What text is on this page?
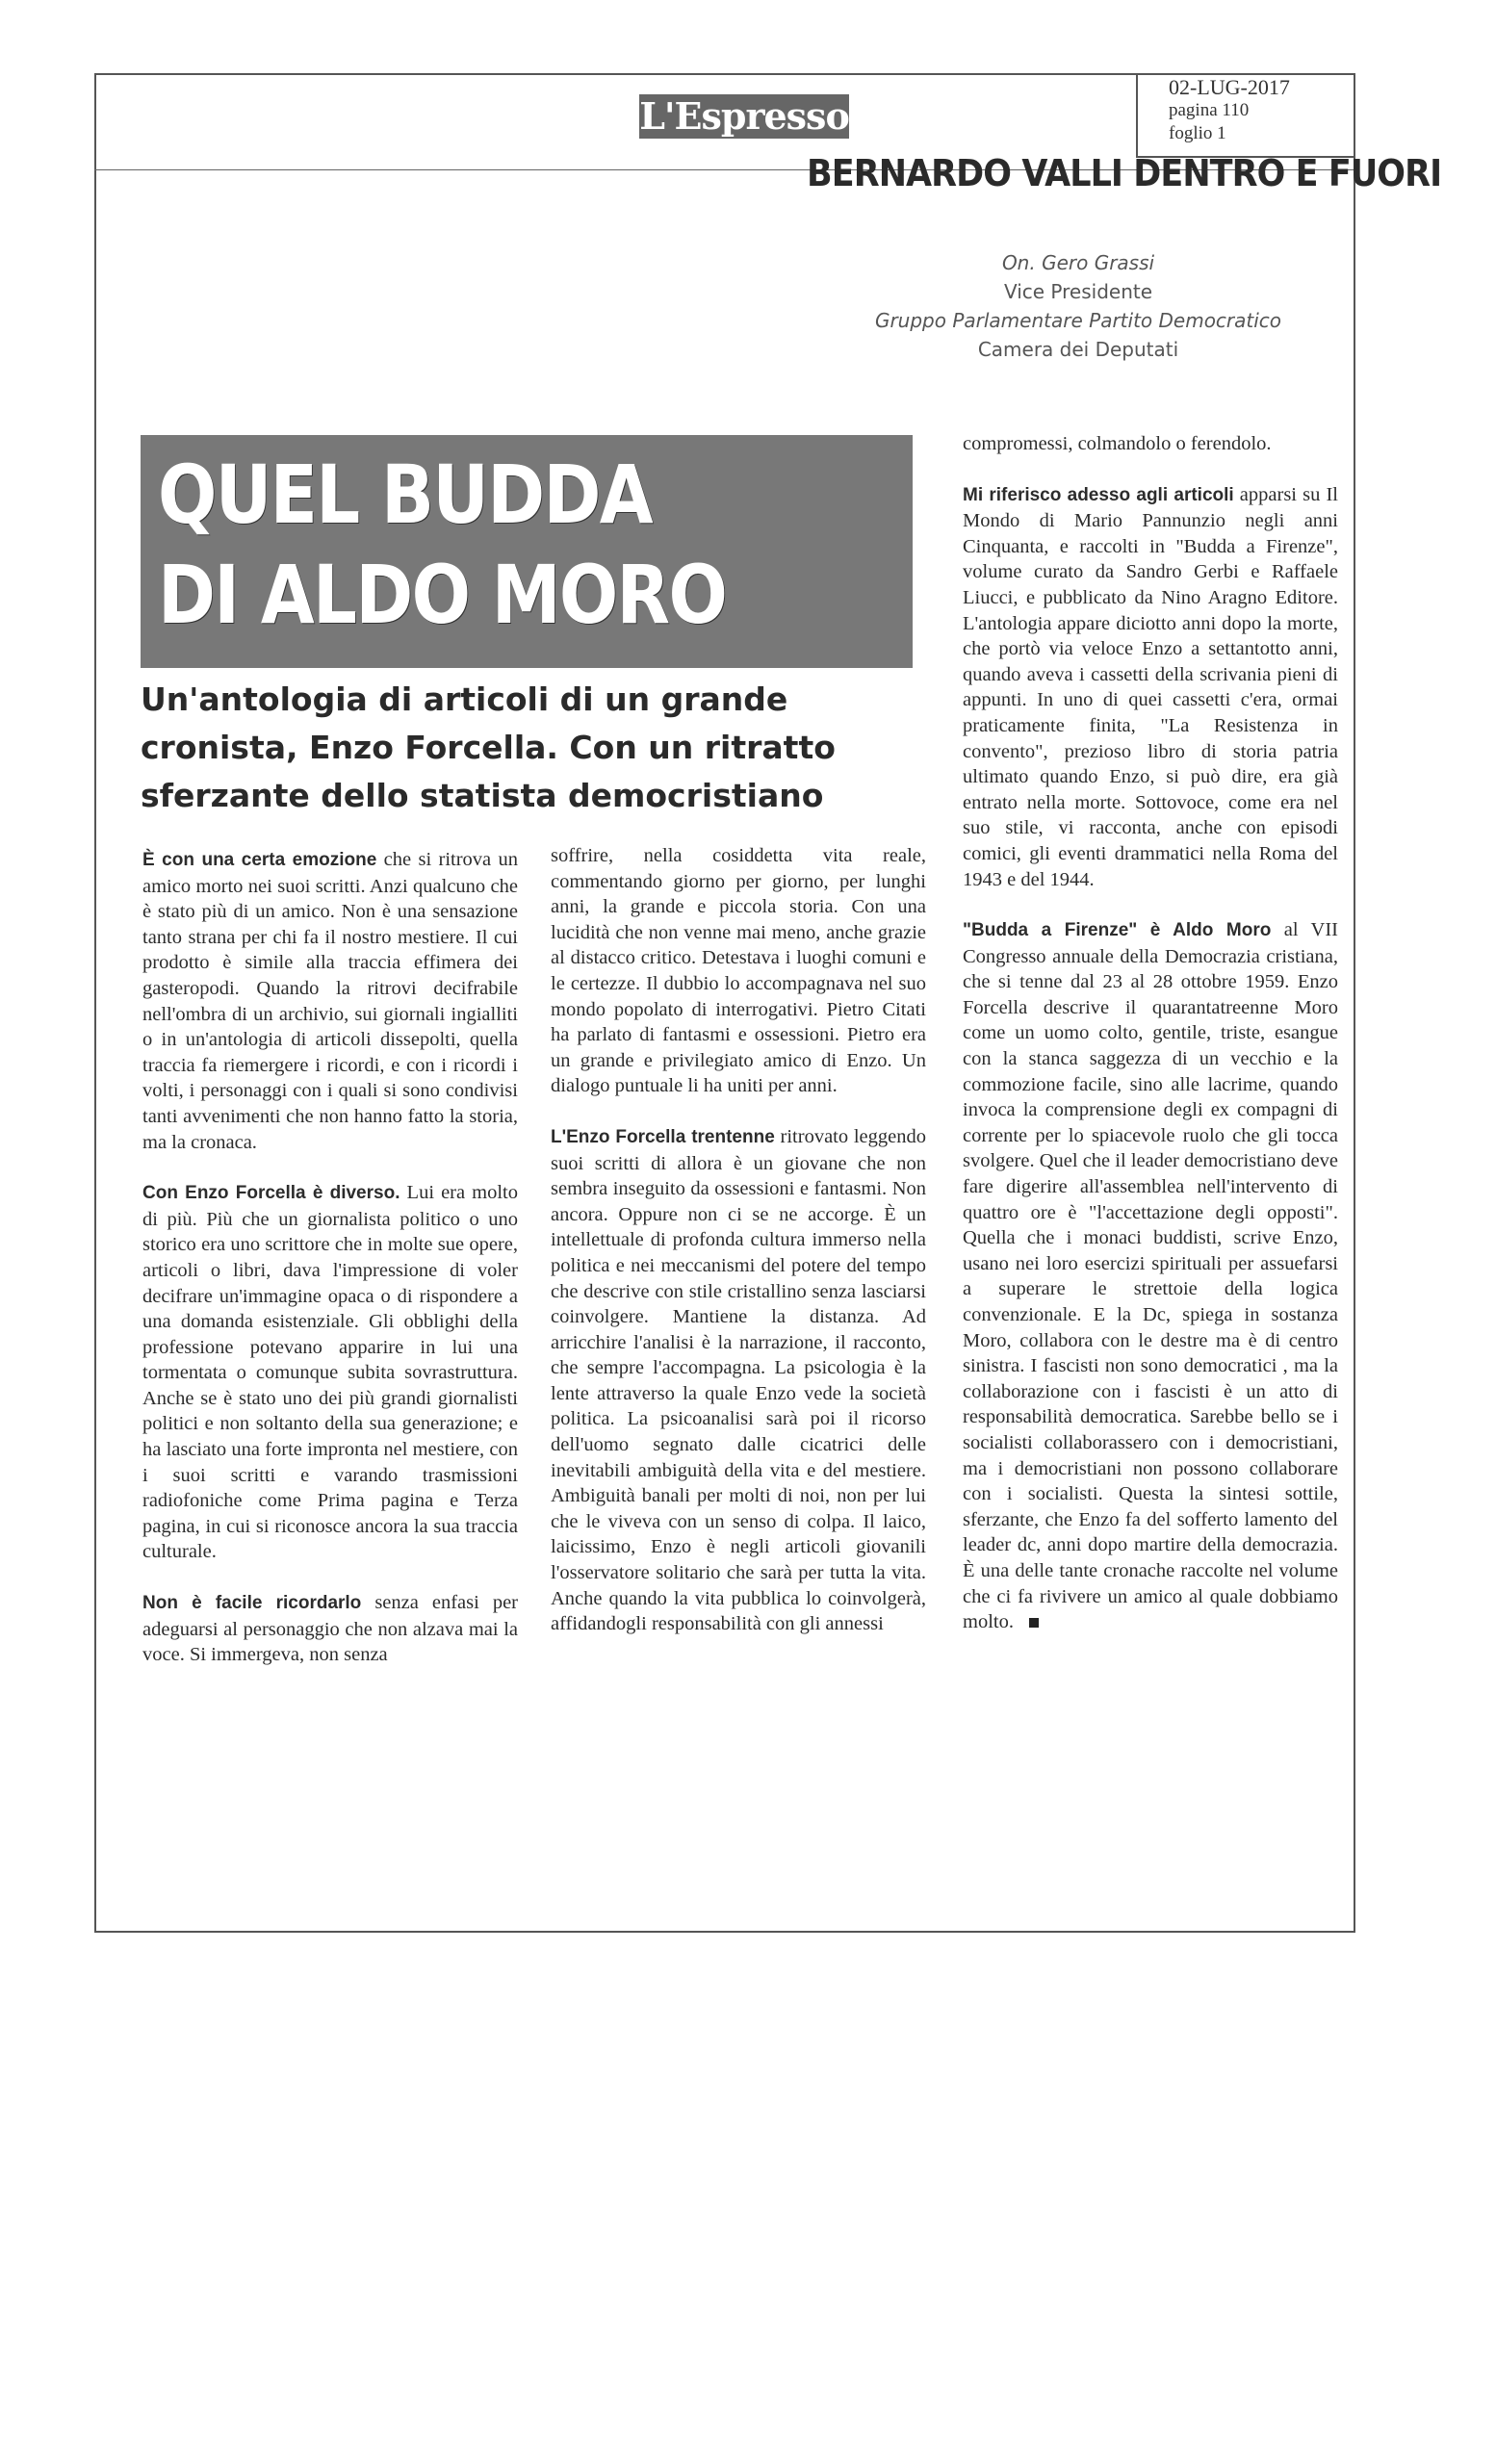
L'Espresso
02-LUG-2017
pagina 110
foglio 1
BERNARDO VALLI DENTRO E FUORI
On. Gero Grassi
Vice Presidente
Gruppo Parlamentare Partito Democratico
Camera dei Deputati
QUEL BUDDA
DI ALDO MORO
Un'antologia di articoli di un grande cronista, Enzo Forcella. Con un ritratto sferzante dello statista democristiano

È con una certa emozione che si ritrova un amico morto nei suoi scritti. Anzi qualcuno che è stato più di un amico. Non è una sensazione tanto strana per chi fa il nostro mestiere. Il cui prodotto è simile alla traccia effimera dei gasteropodi. Quando la ritrovi decifrabile nell'ombra di un archivio, sui giornali ingialliti o in un'antologia di articoli dissepolti, quella traccia fa riemergere i ricordi, e con i ricordi i volti, i personaggi con i quali si sono condivisi tanti avvenimenti che non hanno fatto la storia, ma la cronaca.

Con Enzo Forcella è diverso. Lui era molto di più. Più che un giornalista politico o uno storico era uno scrittore che in molte sue opere, articoli o libri, dava l'impressione di voler decifrare un'immagine opaca o di rispondere a una domanda esistenziale. Gli obblighi della professione potevano apparire in lui una tormentata o comunque subita sovrastruttura. Anche se è stato uno dei più grandi giornalisti politici e non soltanto della sua generazione; e ha lasciato una forte impronta nel mestiere, con i suoi scritti e varando trasmissioni radiofoniche come Prima pagina e Terza pagina, in cui si riconosce ancora la sua traccia culturale.

Non è facile ricordarlo senza enfasi per adeguarsi al personaggio che non alzava mai la voce. Si immergeva, non senza

soffrire, nella cosiddetta vita reale, commentando giorno per giorno, per lunghi anni, la grande e piccola storia. Con una lucidità che non venne mai meno, anche grazie al distacco critico. Detestava i luoghi comuni e le certezze. Il dubbio lo accompagnava nel suo mondo popolato di interrogativi. Pietro Citati ha parlato di fantasmi e ossessioni. Pietro era un grande e privilegiato amico di Enzo. Un dialogo puntuale li ha uniti per anni.

L'Enzo Forcella trentenne ritrovato leggendo suoi scritti di allora è un giovane che non sembra inseguito da ossessioni e fantasmi. Non ancora. Oppure non ci se ne accorge. È un intellettuale di profonda cultura immerso nella politica e nei meccanismi del potere del tempo che descrive con stile cristallino senza lasciarsi coinvolgere. Mantiene la distanza. Ad arricchire l'analisi è la narrazione, il racconto, che sempre l'accompagna. La psicologia è la lente attraverso la quale Enzo vede la società politica. La psicoanalisi sarà poi il ricorso dell'uomo segnato dalle cicatrici delle inevitabili ambiguità della vita e del mestiere. Ambiguità banali per molti di noi, non per lui che le viveva con un senso di colpa. Il laico, laicissimo, Enzo è negli articoli giovanili l'osservatore solitario che sarà per tutta la vita. Anche quando la vita pubblica lo coinvolgerà, affidandogli responsabilità con gli annessi

compromessi, colmandolo o ferendolo.

Mi riferisco adesso agli articoli apparsi su Il Mondo di Mario Pannunzio negli anni Cinquanta, e raccolti in "Budda a Firenze", volume curato da Sandro Gerbi e Raffaele Liucci, e pubblicato da Nino Aragno Editore. L'antologia appare diciotto anni dopo la morte, che portò via veloce Enzo a settantotto anni, quando aveva i cassetti della scrivania pieni di appunti. In uno di quei cassetti c'era, ormai praticamente finita, "La Resistenza in convento", prezioso libro di storia patria ultimato quando Enzo, si può dire, era già entrato nella morte. Sottovoce, come era nel suo stile, vi racconta, anche con episodi comici, gli eventi drammatici nella Roma del 1943 e del 1944.

"Budda a Firenze" è Aldo Moro al VII Congresso annuale della Democrazia cristiana, che si tenne dal 23 al 28 ottobre 1959. Enzo Forcella descrive il quarantatreenne Moro come un uomo colto, gentile, triste, esangue con la stanca saggezza di un vecchio e la commozione facile, sino alle lacrime, quando invoca la comprensione degli ex compagni di corrente per lo spiacevole ruolo che gli tocca svolgere. Quel che il leader democristiano deve fare digerire all'assemblea nell'intervento di quattro ore è "l'accettazione degli opposti". Quella che i monaci buddisti, scrive Enzo, usano nei loro esercizi spirituali per assuefarsi a superare le strettoie della logica convenzionale. E la Dc, spiega in sostanza Moro, collabora con le destre ma è di centro sinistra. I fascisti non sono democratici , ma la collaborazione con i fascisti è un atto di responsabilità democratica. Sarebbe bello se i socialisti collaborassero con i democristiani, ma i democristiani non possono collaborare con i socialisti. Questa la sintesi sottile, sferzante, che Enzo fa del sofferto lamento del leader dc, anni dopo martire della democrazia. È una delle tante cronache raccolte nel volume che ci fa rivivere un amico al quale dobbiamo molto.
